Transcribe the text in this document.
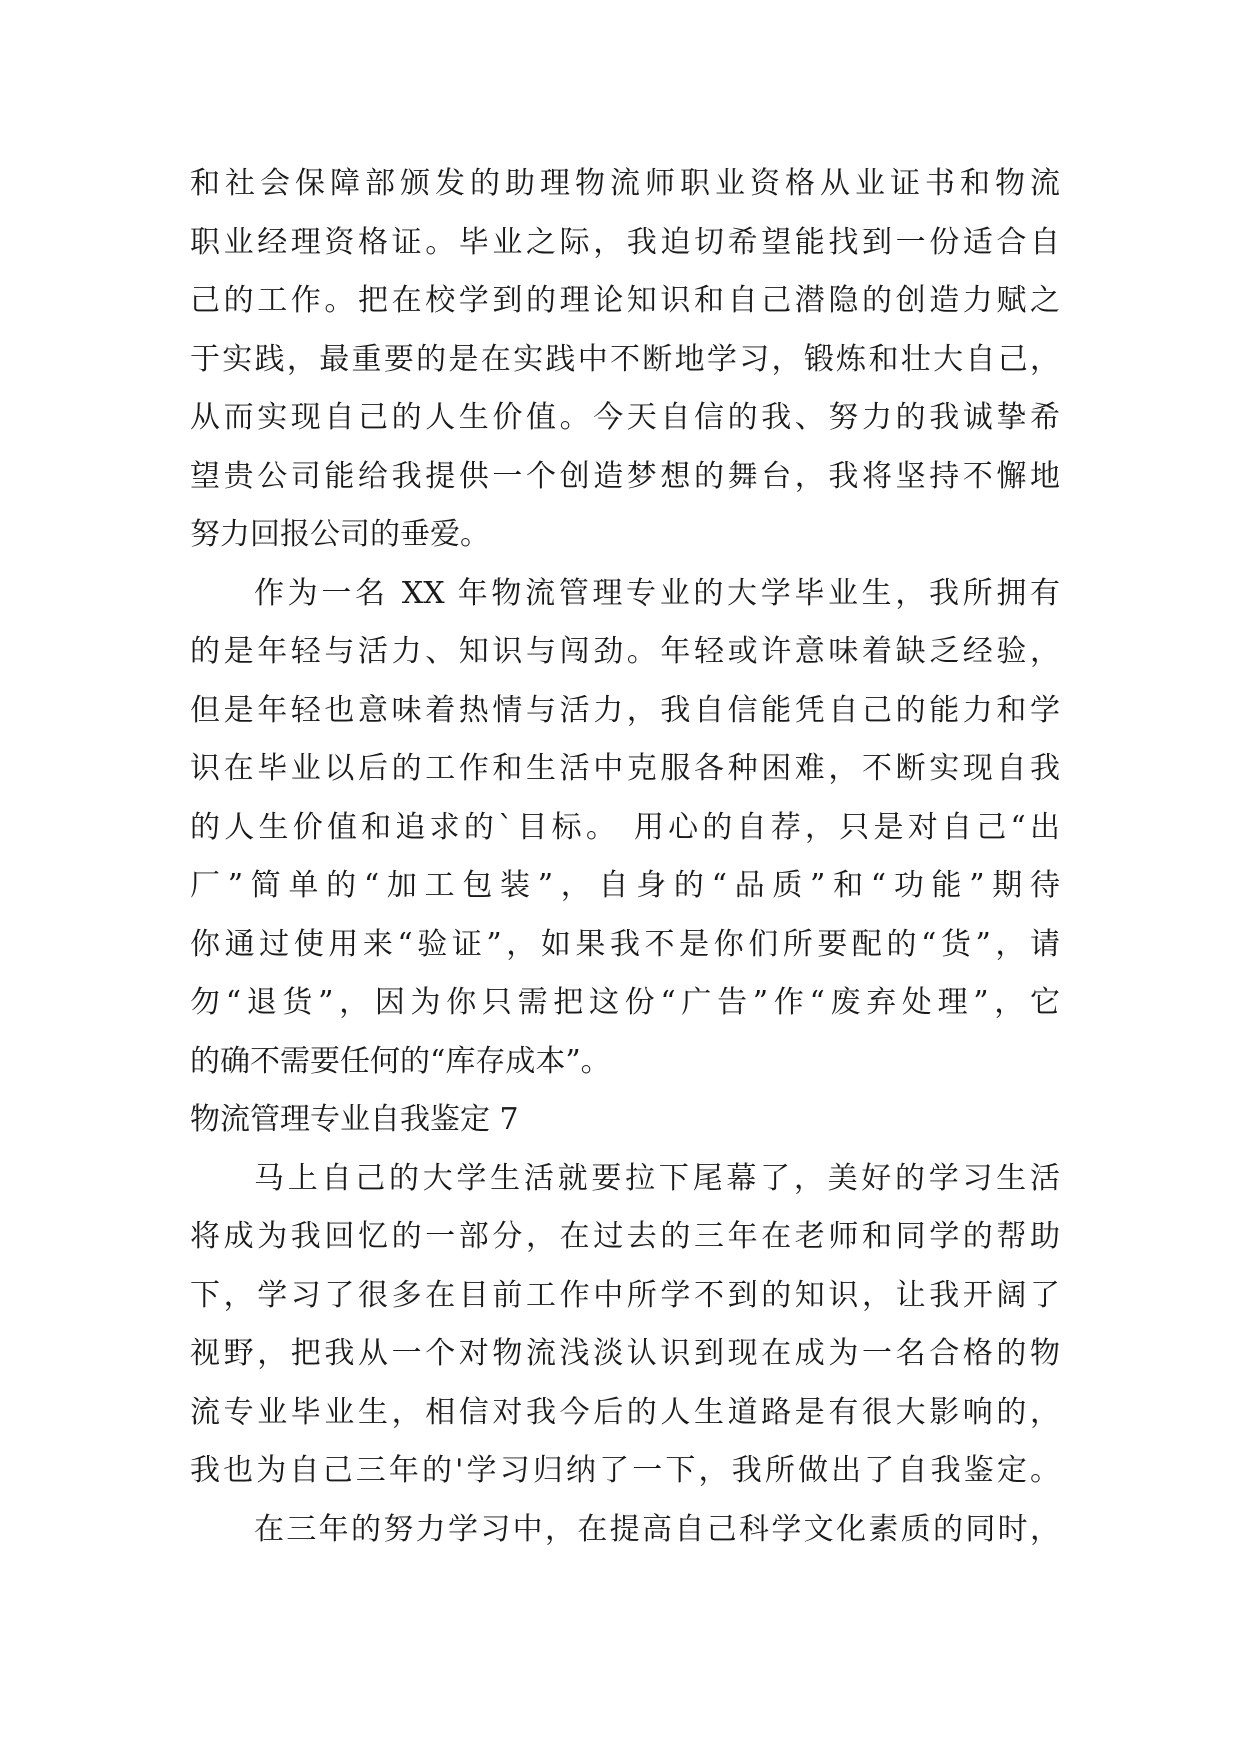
和社会保障部颁发的助理物流师职业资格从业证书和物流
职业经理资格证。毕业之际，我迫切希望能找到一份适合自
己的工作。把在校学到的理论知识和自己潜隐的创造力赋之
于实践，最重要的是在实践中不断地学习，锻炼和壮大自己，
从而实现自己的人生价值。今天自信的我、努力的我诚挚希
望贵公司能给我提供一个创造梦想的舞台，我将坚持不懈地
努力回报公司的垂爱。
作为一名 XX 年物流管理专业的大学毕业生，我所拥有
的是年轻与活力、知识与闯劲。年轻或许意味着缺乏经验，
但是年轻也意味着热情与活力，我自信能凭自己的能力和学
识在毕业以后的工作和生活中克服各种困难，不断实现自我
的人生价值和追求的`目标。 用心的自荐，只是对自己“出
厂”简单的“加工包装”，自身的“品质”和“功能”期待
你通过使用来“验证”，如果我不是你们所要配的“货”，请
勿“退货”，因为你只需把这份“广告”作“废弃处理”，它
的确不需要任何的“库存成本”。
物流管理专业自我鉴定 7
马上自己的大学生活就要拉下尾幕了，美好的学习生活
将成为我回忆的一部分，在过去的三年在老师和同学的帮助
下，学习了很多在目前工作中所学不到的知识，让我开阔了
视野，把我从一个对物流浅淡认识到现在成为一名合格的物
流专业毕业生，相信对我今后的人生道路是有很大影响的，
我也为自己三年的'学习归纳了一下，我所做出了自我鉴定。
在三年的努力学习中，在提高自己科学文化素质的同时，
